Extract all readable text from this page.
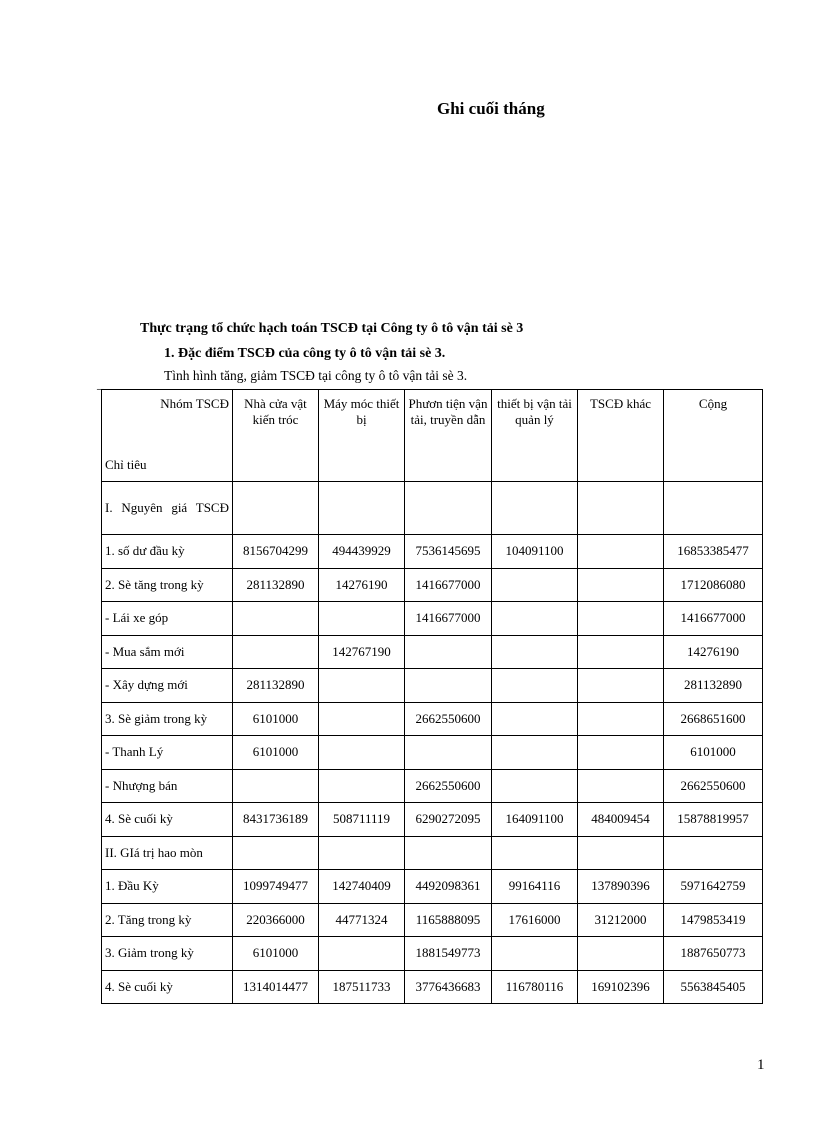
Ghi cuối tháng
Thực trạng tổ chức hạch toán TSCĐ tại Công ty ô tô vận tải sè 3
1. Đặc điểm TSCĐ của công ty ô tô vận tải sè 3.
_
Tình hình tăng, giảm TSCĐ tại công ty ô tô vận tải sè 3.
Nhóm TSCĐ
Chỉ tiêu	Nhà cửa vật kiến tróc	Máy móc thiết bị	Phươn tiện vận tải, truyền dẫn	thiết bị vận tải quản lý	TSCĐ khác	Cộng
I. Nguyên giá TSCĐ						
1. số dư đầu kỳ	8156704299	494439929	7536145695	104091100		16853385477
2. Sè tăng trong kỳ	281132890	14276190	1416677000			1712086080
- Lái xe góp			1416677000			1416677000
- Mua sắm mới		142767190				14276190
- Xây dựng mới	281132890					281132890
3. Sè giảm trong kỳ	6101000		2662550600			2668651600
- Thanh Lý	6101000					6101000
- Nhượng bán			2662550600			2662550600
4. Sè cuối kỳ	8431736189	508711119	6290272095	164091100	484009454	15878819957
II. GIá trị hao mòn						
1. Đầu Kỳ	1099749477	142740409	4492098361	99164116	137890396	5971642759
2. Tăng trong kỳ	220366000	44771324	1165888095	17616000	31212000	1479853419
3. Giảm trong kỳ	6101000		1881549773			1887650773
4. Sè cuối kỳ	1314014477	187511733	3776436683	116780116	169102396	5563845405
1
